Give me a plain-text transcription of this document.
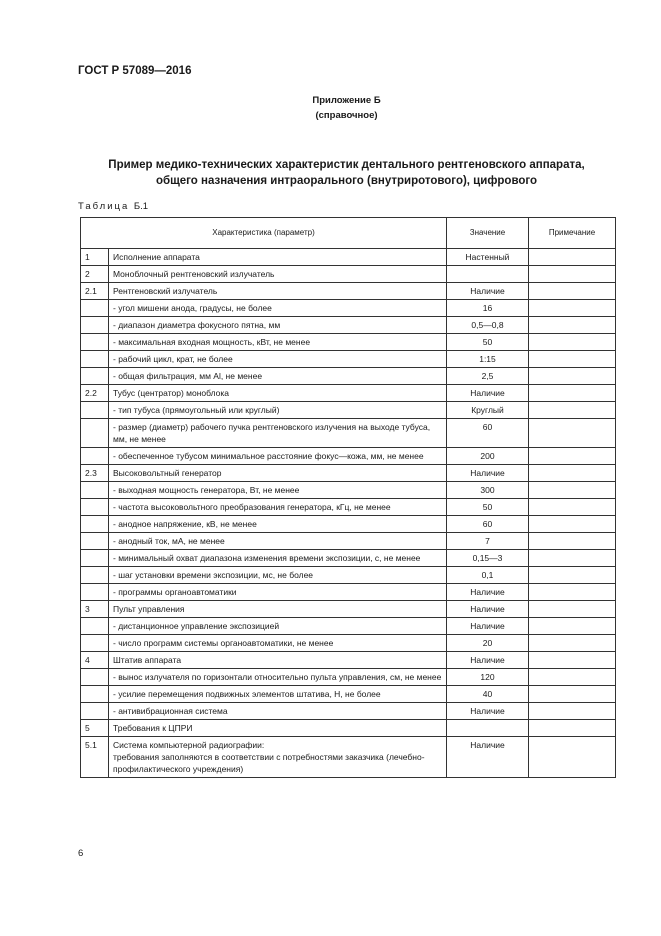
ГОСТ Р 57089—2016
Приложение Б
(справочное)
Пример медико-технических характеристик дентального рентгеновского аппарата,
общего назначения интраорального (внутриротового), цифрового
Таблица Б.1
Характеристика (параметр)		Значение	Примечание
1	Исполнение аппарата	Настенный	
2	Моноблочный рентгеновский излучатель		
2.1	Рентгеновский излучатель	Наличие	
	- угол мишени анода, градусы, не более	16	
	- диапазон диаметра фокусного пятна, мм	0,5—0,8	
	- максимальная входная мощность, кВт, не менее	50	
	- рабочий цикл, крат, не более	1:15	
	- общая фильтрация, мм Al, не менее	2,5	
2.2	Тубус (центратор) моноблока	Наличие	
	- тип тубуса (прямоугольный или круглый)	Круглый	
	- размер (диаметр) рабочего пучка рентгеновского излучения на выходе тубуса, мм, не менее	60	
	- обеспеченное тубусом минимальное расстояние фокус—кожа, мм, не менее	200	
2.3	Высоковольтный генератор	Наличие	
	- выходная мощность генератора, Вт, не менее	300	
	- частота высоковольтного преобразования генератора, кГц, не менее	50	
	- анодное напряжение, кВ, не менее	60	
	- анодный ток, мА, не менее	7	
	- минимальный охват диапазона изменения времени экспозиции, с, не менее	0,15—3	
	- шаг установки времени экспозиции, мс, не более	0,1	
	- программы органоавтоматики	Наличие	
3	Пульт управления	Наличие	
	- дистанционное управление экспозицией	Наличие	
	- число программ системы органоавтоматики, не менее	20	
4	Штатив аппарата	Наличие	
	- вынос излучателя по горизонтали относительно пульта управления, см, не менее	120	
	- усилие перемещения подвижных элементов штатива, Н, не более	40	
	- антивибрационная система	Наличие	
5	Требования к ЦПРИ		
5.1	Система компьютерной радиографии:
требования заполняются в соответствии с потребностями заказчика (лечебно-профилактического учреждения)	Наличие	
6
